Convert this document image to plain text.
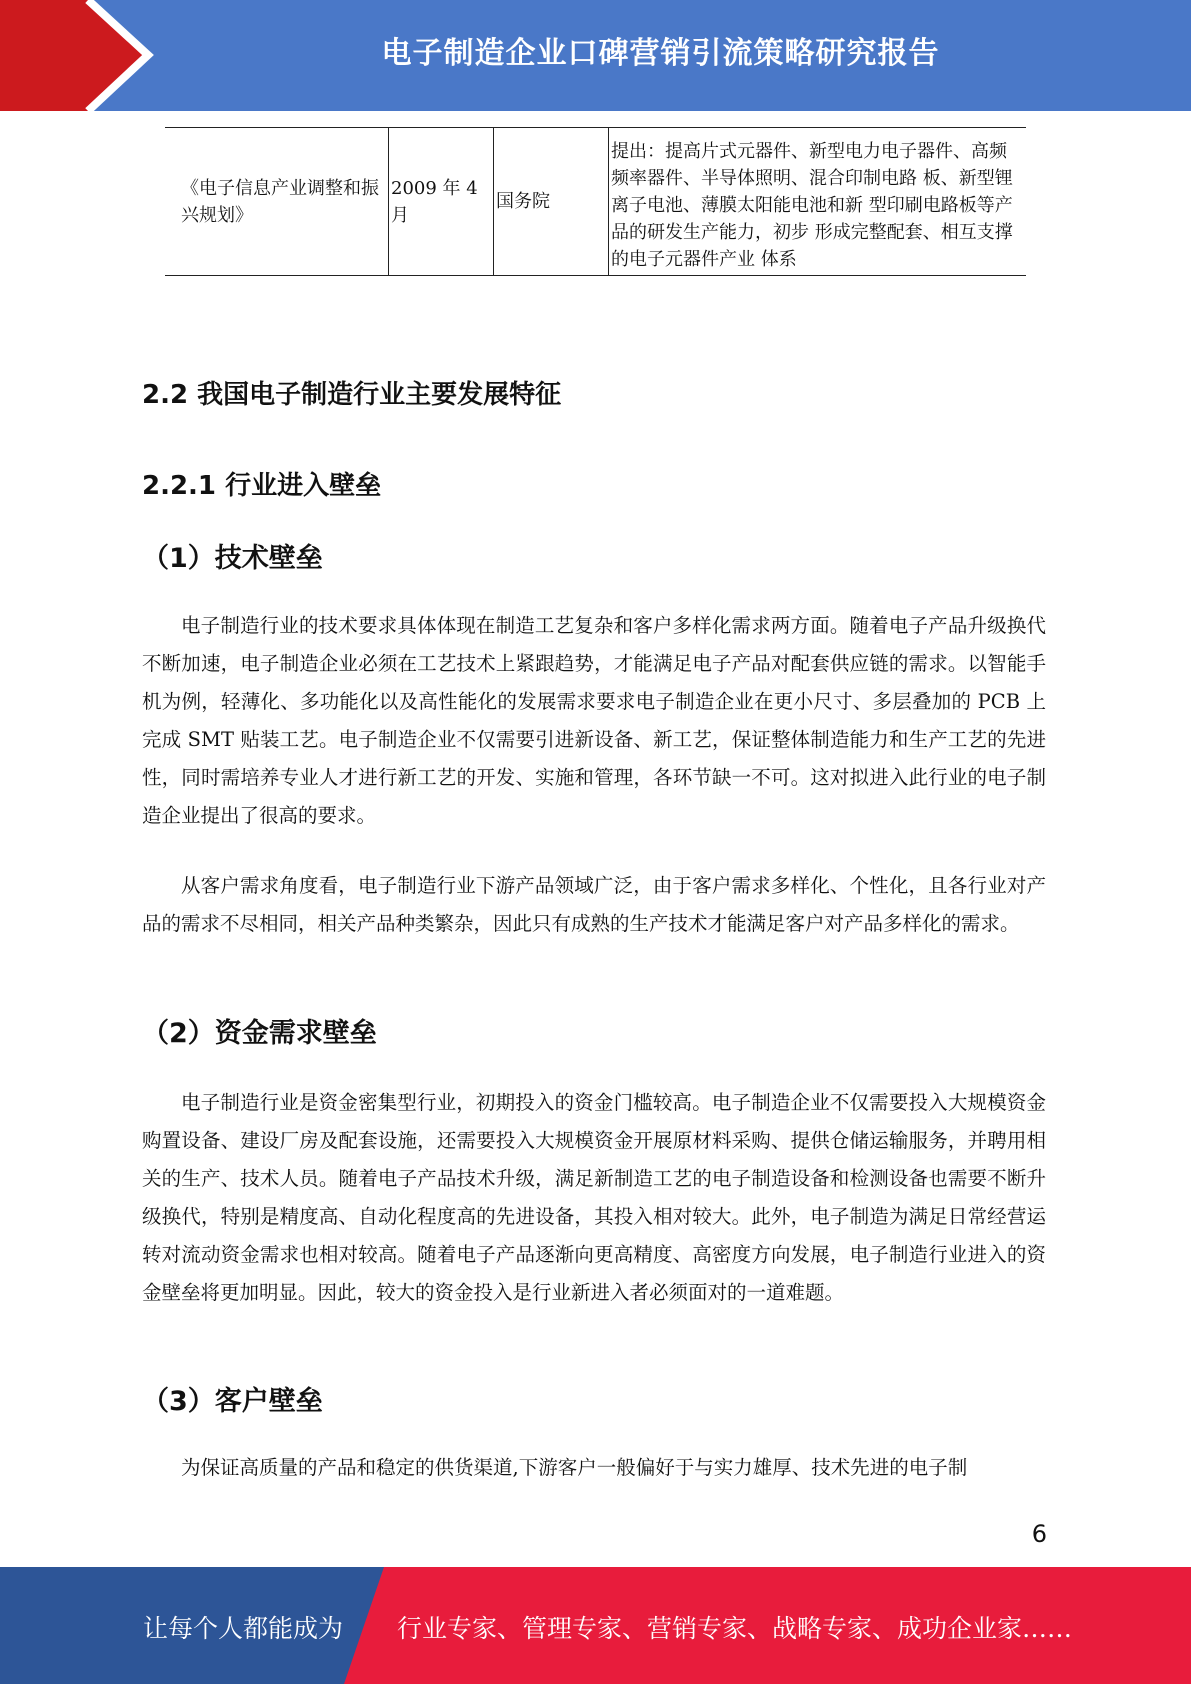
电子制造企业口碑营销引流策略研究报告
《电子信息产业调整和振兴规划》	2009 年 4 月	国务院	提出：提高片式元器件、新型电力电子器件、高频频率器件、半导体照明、混合印制电路 板、新型锂离子电池、薄膜太阳能电池和新 型印刷电路板等产品的研发生产能力，初步 形成完整配套、相互支撑的电子元器件产业 体系
2.2 我国电子制造行业主要发展特征
2.2.1 行业进入壁垒
（1）技术壁垒

电子制造行业的技术要求具体体现在制造工艺复杂和客户多样化需求两方面。随着电子产品升级换代不断加速，电子制造企业必须在工艺技术上紧跟趋势，才能满足电子产品对配套供应链的需求。以智能手机为例，轻薄化、多功能化以及高性能化的发展需求要求电子制造企业在更小尺寸、多层叠加的 PCB 上完成 SMT 贴装工艺。电子制造企业不仅需要引进新设备、新工艺，保证整体制造能力和生产工艺的先进性，同时需培养专业人才进行新工艺的开发、实施和管理，各环节缺一不可。这对拟进入此行业的电子制造企业提出了很高的要求。

从客户需求角度看，电子制造行业下游产品领域广泛，由于客户需求多样化、个性化，且各行业对产品的需求不尽相同，相关产品种类繁杂，因此只有成熟的生产技术才能满足客户对产品多样化的需求。

（2）资金需求壁垒

电子制造行业是资金密集型行业，初期投入的资金门槛较高。电子制造企业不仅需要投入大规模资金购置设备、建设厂房及配套设施，还需要投入大规模资金开展原材料采购、提供仓储运输服务，并聘用相关的生产、技术人员。随着电子产品技术升级，满足新制造工艺的电子制造设备和检测设备也需要不断升级换代，特别是精度高、自动化程度高的先进设备，其投入相对较大。此外，电子制造为满足日常经营运转对流动资金需求也相对较高。随着电子产品逐渐向更高精度、高密度方向发展，电子制造行业进入的资金壁垒将更加明显。因此，较大的资金投入是行业新进入者必须面对的一道难题。

（3）客户壁垒

为保证高质量的产品和稳定的供货渠道,下游客户一般偏好于与实力雄厚、技术先进的电子制

6
让每个人都能成为 行业专家、管理专家、营销专家、战略专家、成功企业家……
